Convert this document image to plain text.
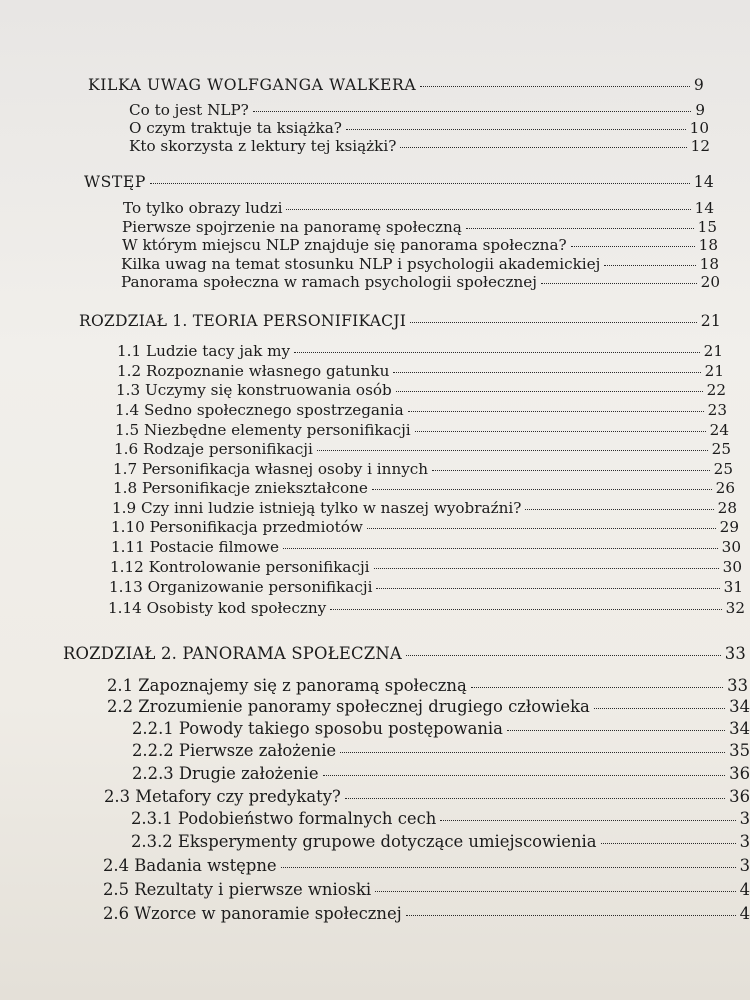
KILKA UWAG WOLFGANGA WALKERA	9
Co to jest NLP?	9
O czym traktuje ta książka?	10
Kto skorzysta z lektury tej książki?	12
WSTĘP	14
To tylko obrazy ludzi	14
Pierwsze spojrzenie na panoramę społeczną	15
W którym miejscu NLP znajduje się panorama społeczna?	18
Kilka uwag na temat stosunku NLP i psychologii akademickiej	18
Panorama społeczna w ramach psychologii społecznej	20
ROZDZIAŁ 1. TEORIA PERSONIFIKACJI	21
1.1 Ludzie tacy jak my	21
1.2 Rozpoznanie własnego gatunku	21
1.3 Uczymy się konstruowania osób	22
1.4 Sedno społecznego spostrzegania	23
1.5 Niezbędne elementy personifikacji	24
1.6 Rodzaje personifikacji	25
1.7 Personifikacja własnej osoby i innych	25
1.8 Personifikacje zniekształcone	26
1.9 Czy inni ludzie istnieją tylko w naszej wyobraźni?	28
1.10 Personifikacja przedmiotów	29
1.11 Postacie filmowe	30
1.12 Kontrolowanie personifikacji	30
1.13 Organizowanie personifikacji	31
1.14 Osobisty kod społeczny	32
ROZDZIAŁ 2. PANORAMA SPOŁECZNA	33
2.1 Zapoznajemy się z panoramą społeczną	33
2.2 Zrozumienie panoramy społecznej drugiego człowieka	34
2.2.1 Powody takiego sposobu postępowania	34
2.2.2 Pierwsze założenie	35
2.2.3 Drugie założenie	36
2.3 Metafory czy predykaty?	36
2.3.1 Podobieństwo formalnych cech	3
2.3.2 Eksperymenty grupowe dotyczące umiejscowienia	3
2.4 Badania wstępne	3
2.5 Rezultaty i pierwsze wnioski	4
2.6 Wzorce w panoramie społecznej	4
